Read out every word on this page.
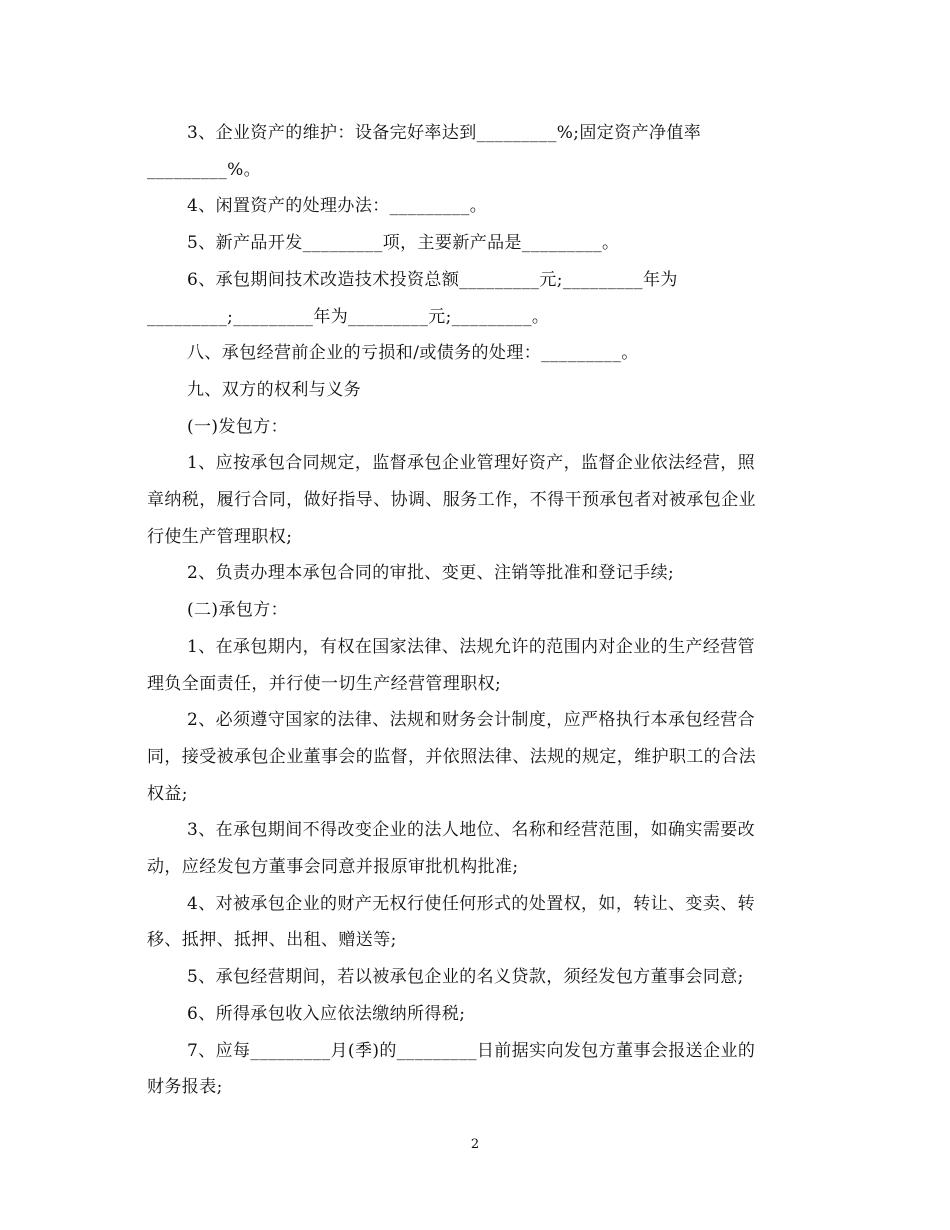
3、企业资产的维护：设备完好率达到_________%;固定资产净值率

_________%。

4、闲置资产的处理办法：_________。

5、新产品开发_________项，主要新产品是_________。

6、承包期间技术改造技术投资总额_________元;_________年为

_________;_________年为_________元;_________。

八、承包经营前企业的亏损和/或债务的处理：_________。

九、双方的权利与义务

(一)发包方：

1、应按承包合同规定，监督承包企业管理好资产，监督企业依法经营，照

章纳税，履行合同，做好指导、协调、服务工作，不得干预承包者对被承包企业

行使生产管理职权;

2、负责办理本承包合同的审批、变更、注销等批准和登记手续;

(二)承包方：

1、在承包期内，有权在国家法律、法规允许的范围内对企业的生产经营管

理负全面责任，并行使一切生产经营管理职权;

2、必须遵守国家的法律、法规和财务会计制度，应严格执行本承包经营合

同，接受被承包企业董事会的监督，并依照法律、法规的规定，维护职工的合法

权益;

3、在承包期间不得改变企业的法人地位、名称和经营范围，如确实需要改

动，应经发包方董事会同意并报原审批机构批准;

4、对被承包企业的财产无权行使任何形式的处置权，如，转让、变卖、转

移、抵押、抵押、出租、赠送等;

5、承包经营期间，若以被承包企业的名义贷款，须经发包方董事会同意;

6、所得承包收入应依法缴纳所得税;

7、应每_________月(季)的_________日前据实向发包方董事会报送企业的

财务报表;

2
